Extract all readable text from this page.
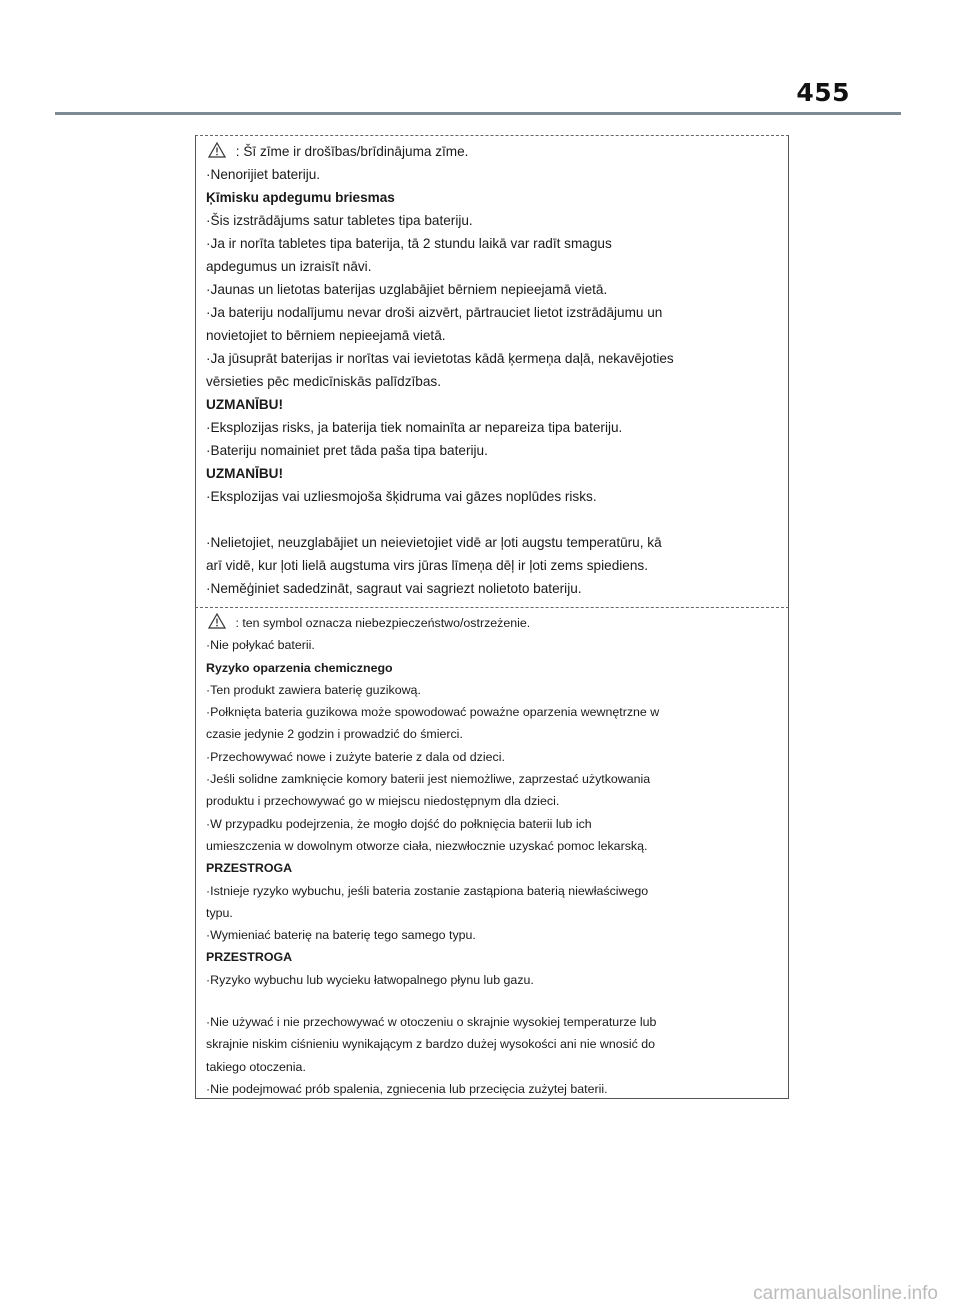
455
: Šī zīme ir drošības/brīdinājuma zīme.
·Nenorijiet bateriju.
Ķīmisku apdegumu briesmas
·Šis izstrādājums satur tabletes tipa bateriju.
·Ja ir norīta tabletes tipa baterija, tā 2 stundu laikā var radīt smagus
apdegumus un izraisīt nāvi.
·Jaunas un lietotas baterijas uzglabājiet bērniem nepieejamā vietā.
·Ja bateriju nodalījumu nevar droši aizvērt, pārtrauciet lietot izstrādājumu un
novietojiet to bērniem nepieejamā vietā.
·Ja jūsuprāt baterijas ir norītas vai ievietotas kādā ķermeņa daļā, nekavējoties
vērsieties pēc medicīniskās palīdzības.
UZMANĪBU!
·Eksplozijas risks, ja baterija tiek nomainīta ar nepareiza tipa bateriju.
·Bateriju nomainiet pret tāda paša tipa bateriju.
UZMANĪBU!
·Eksplozijas vai uzliesmojoša šķidruma vai gāzes noplūdes risks.
·Nelietojiet, neuzglabājiet un neievietojiet vidē ar ļoti augstu temperatūru, kā
arī vidē, kur ļoti lielā augstuma virs jūras līmeņa dēļ ir ļoti zems spiediens.
·Neměģiniet sadedzināt, sagraut vai sagriezt nolietoto bateriju.
: ten symbol oznacza niebezpieczeństwo/ostrzeżenie.
·Nie połykać baterii.
Ryzyko oparzenia chemicznego
·Ten produkt zawiera baterię guzikową.
·Połknięta bateria guzikowa może spowodować poważne oparzenia wewnętrzne w
czasie jedynie 2 godzin i prowadzić do śmierci.
·Przechowywać nowe i zużyte baterie z dala od dzieci.
·Jeśli solidne zamknięcie komory baterii jest niemożliwe, zaprzestać użytkowania
produktu i przechowywać go w miejscu niedostępnym dla dzieci.
·W przypadku podejrzenia, że mogło dojść do połknięcia baterii lub ich
umieszczenia w dowolnym otworze ciała, niezwłocznie uzyskać pomoc lekarską.
PRZESTROGA
·Istnieje ryzyko wybuchu, jeśli bateria zostanie zastąpiona baterią niewłaściwego
typu.
·Wymieniać baterię na baterię tego samego typu.
PRZESTROGA
·Ryzyko wybuchu lub wycieku łatwopalnego płynu lub gazu.
·Nie używać i nie przechowywać w otoczeniu o skrajnie wysokiej temperaturze lub
skrajnie niskim ciśnieniu wynikającym z bardzo dużej wysokości ani nie wnosić do
takiego otoczenia.
·Nie podejmować prób spalenia, zgniecenia lub przecięcia zużytej baterii.
carmanualsonline.info
